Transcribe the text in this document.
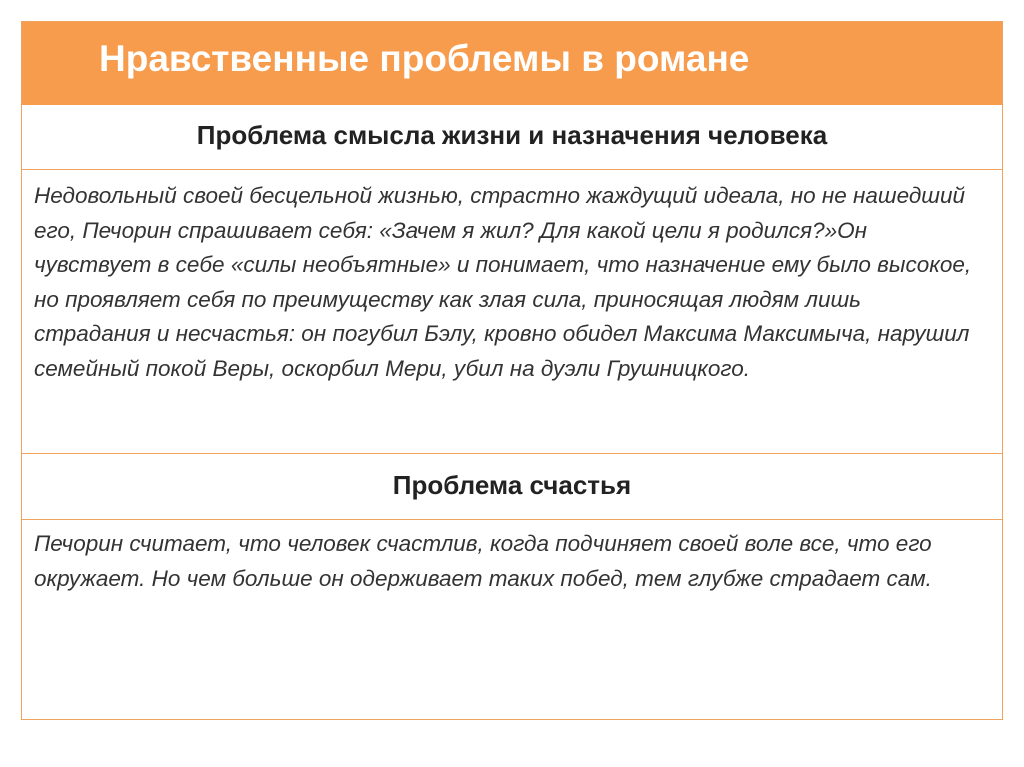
Нравственные проблемы в романе
Проблема смысла жизни и назначения человека
Недовольный своей бесцельной жизнью, страстно жаждущий идеала, но не нашедший его, Печорин спрашивает себя: «Зачем я жил? Для какой цели я родился?»Он чувствует в себе «силы необъятные» и понимает, что назначение ему было высокое, но проявляет себя по преимуществу как злая сила, приносящая людям лишь страдания и несчастья: он погубил Бэлу, кровно обидел Максима Максимыча, нарушил семейный покой Веры, оскорбил Мери, убил на дуэли Грушницкого.
Проблема счастья
Печорин считает, что человек счастлив, когда подчиняет своей воле все, что его окружает. Но чем больше он одерживает таких побед, тем глубже страдает сам.
